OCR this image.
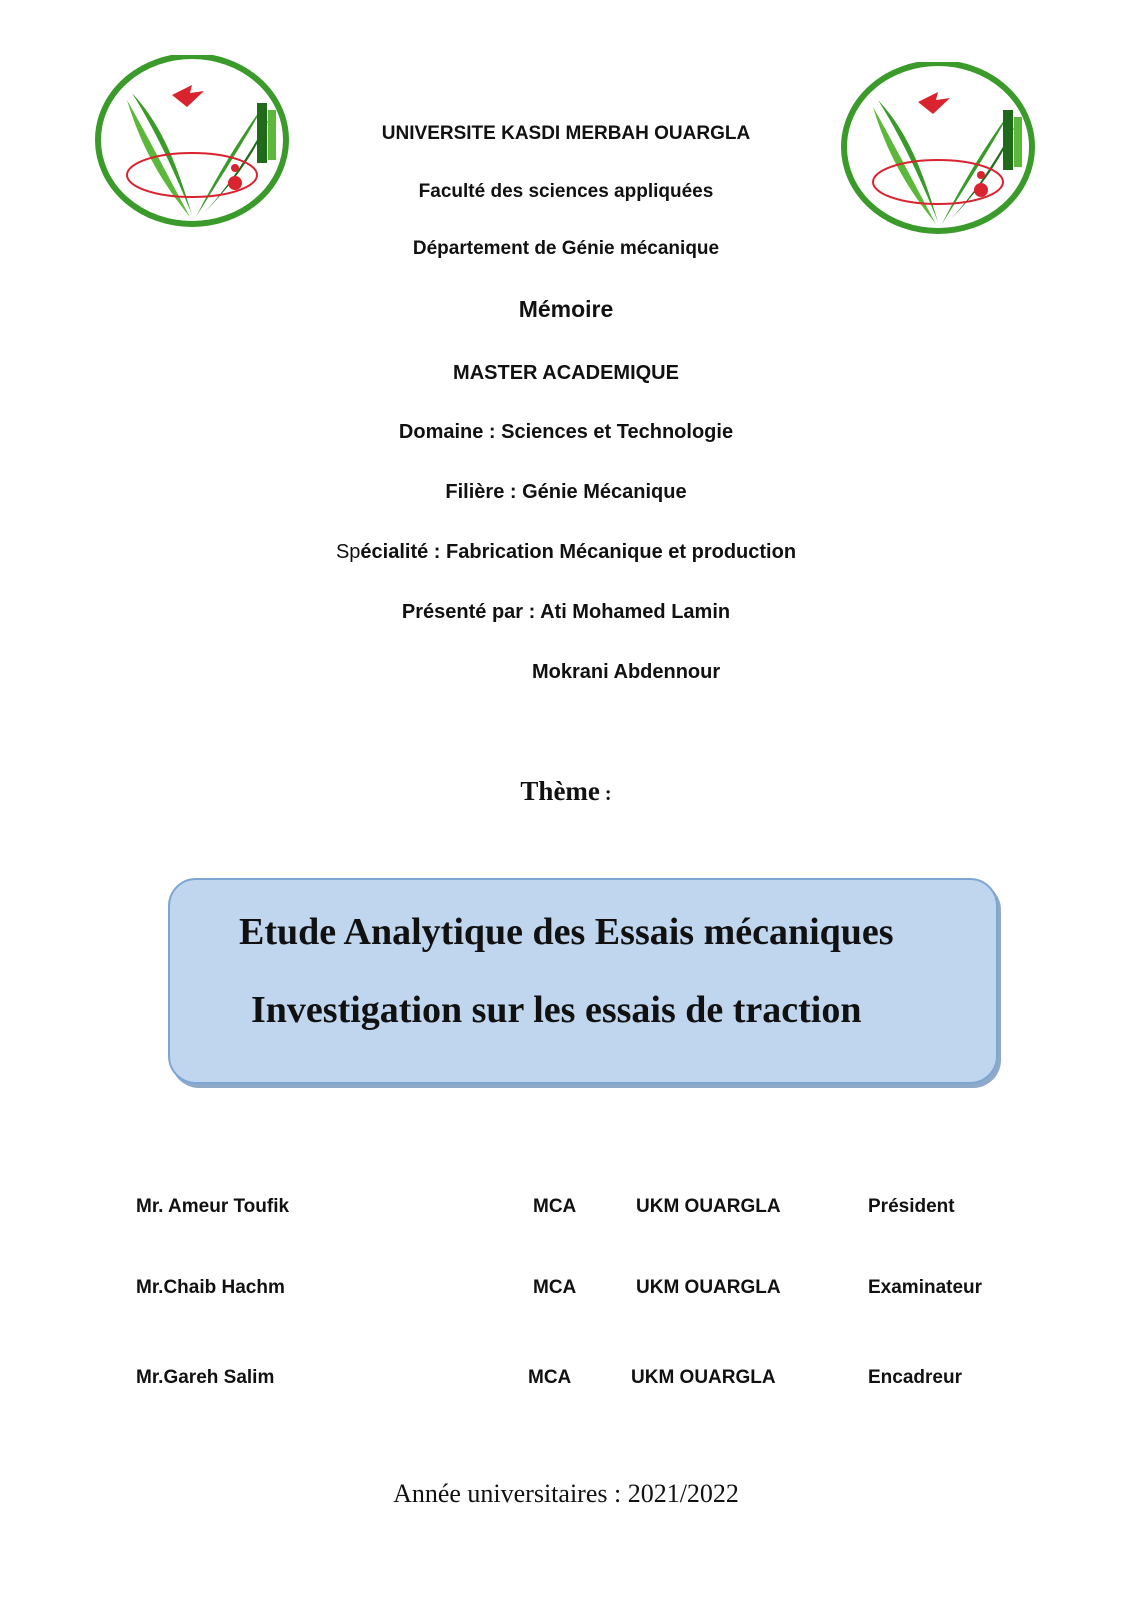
UNIVERSITE KASDI MERBAH OUARGLA
Faculté des sciences appliquées
Département de Génie mécanique
Mémoire
MASTER ACADEMIQUE
Domaine : Sciences et Technologie
Filière : Génie Mécanique
Spécialité : Fabrication Mécanique et production
Présenté par : Ati Mohamed Lamin
Mokrani Abdennour
Thème :
Etude Analytique des Essais mécaniques
Investigation sur les essais de traction
Mr. Ameur Toufik	MCA	UKM OUARGLA	Président
Mr.Chaib Hachm	MCA	UKM OUARGLA	Examinateur
Mr.Gareh Salim	MCA	UKM OUARGLA	Encadreur
Année universitaires : 2021/2022
